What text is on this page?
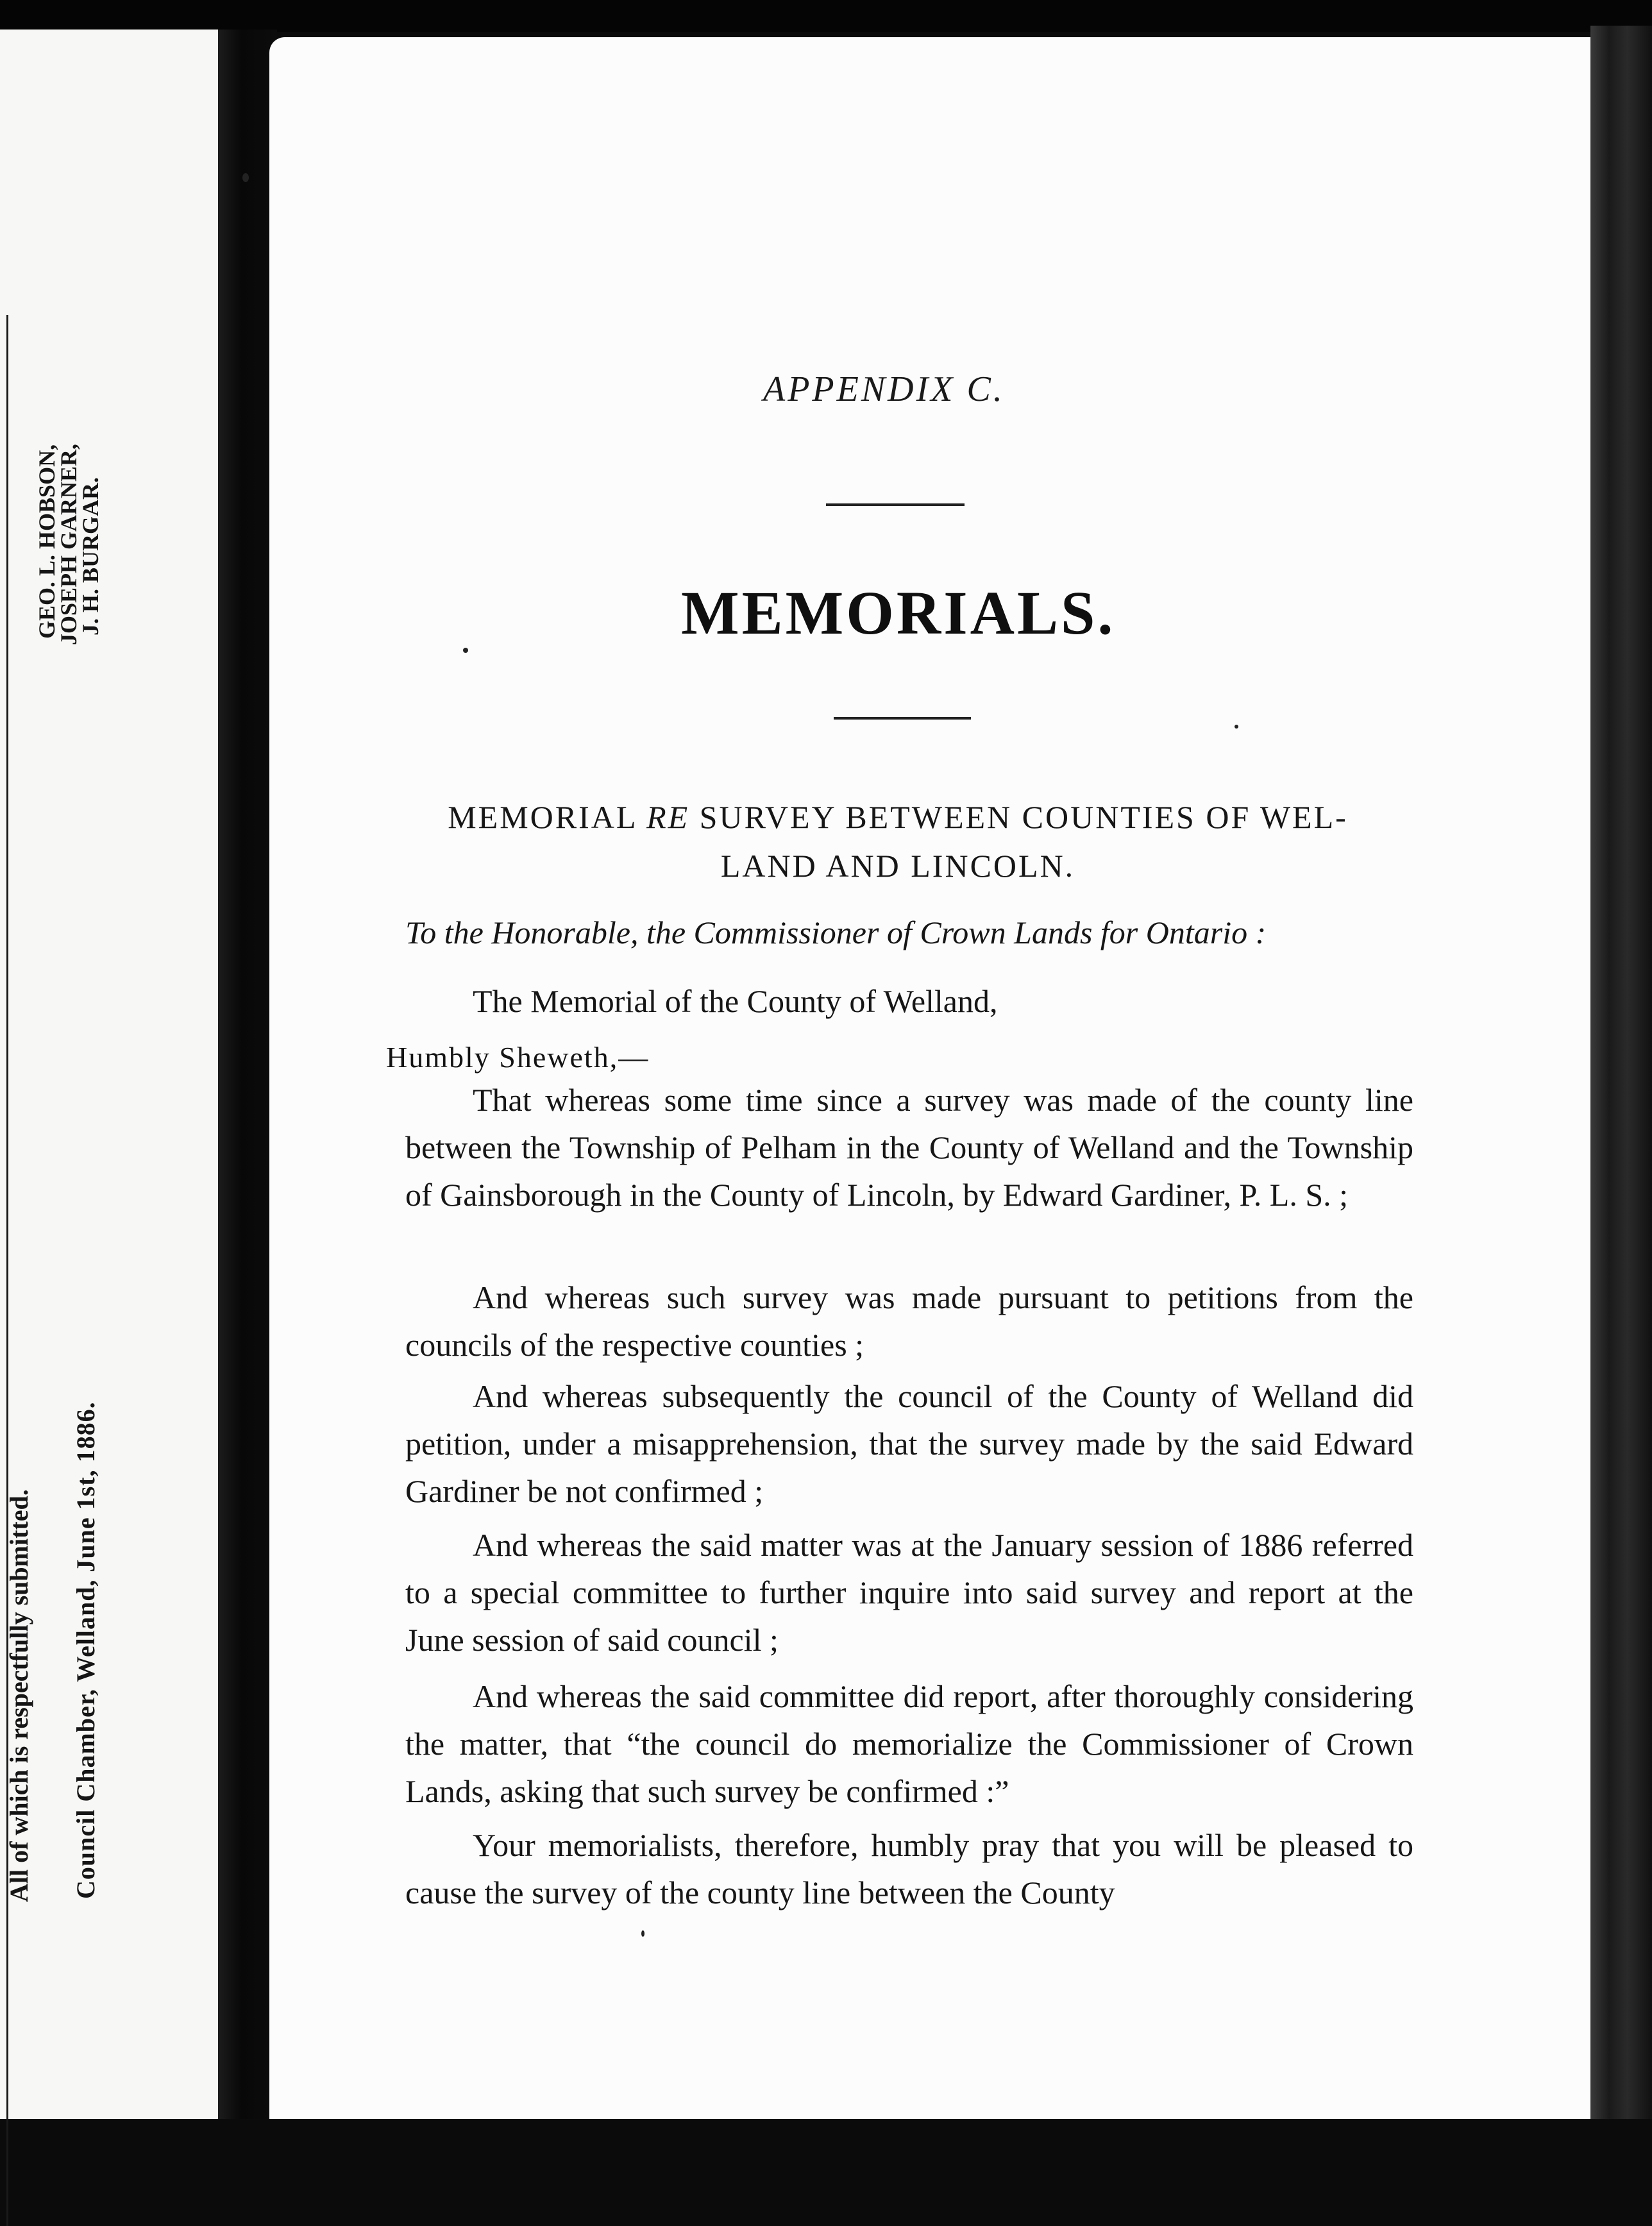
GEO. L. HOBSON,
JOSEPH GARNER,
J. H. BURGAR.
Council Chamber, Welland, June 1st, 1886.
All of which is respectfully submitted.
APPENDIX C.
MEMORIALS.
MEMORIAL RE SURVEY BETWEEN COUNTIES OF WEL-
LAND AND LINCOLN.
To the Honorable, the Commissioner of Crown Lands for Ontario :
The Memorial of the County of Welland,
Humbly Sheweth,—

That whereas some time since a survey was made of the county line between the Township of Pelham in the County of Welland and the Township of Gainsborough in the County of Lincoln, by Edward Gardiner, P. L. S. ;

And whereas such survey was made pursuant to petitions from the councils of the respective counties ;

And whereas subsequently the council of the County of Welland did petition, under a misapprehension, that the survey made by the said Edward Gardiner be not confirmed ;

And whereas the said matter was at the January session of 1886 referred to a special committee to further inquire into said survey and report at the June session of said council ;

And whereas the said committee did report, after thoroughly considering the matter, that “the council do memorialize the Commissioner of Crown Lands, asking that such survey be confirmed :”

Your memorialists, therefore, humbly pray that you will be pleased to cause the survey of the county line between the County
